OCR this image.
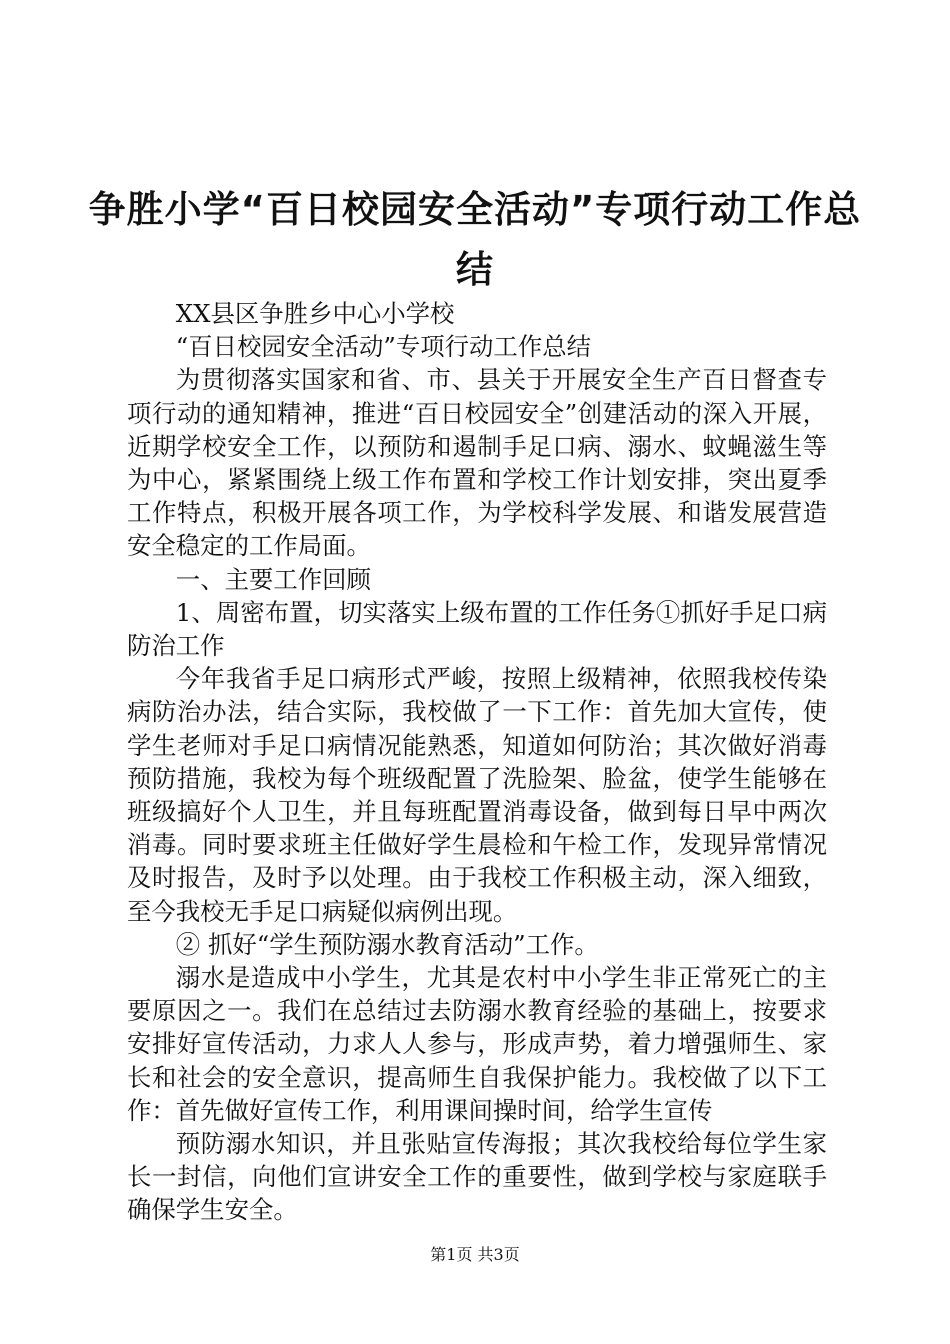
争胜小学“百日校园安全活动”专项行动工作总结

XX县区争胜乡中心小学校

“百日校园安全活动”专项行动工作总结

为贯彻落实国家和省、市、县关于开展安全生产百日督查专项行动的通知精神，推进“百日校园安全”创建活动的深入开展，近期学校安全工作，以预防和遏制手足口病、溺水、蚊蝇滋生等为中心，紧紧围绕上级工作布置和学校工作计划安排，突出夏季工作特点，积极开展各项工作，为学校科学发展、和谐发展营造安全稳定的工作局面。

一、主要工作回顾

1、周密布置，切实落实上级布置的工作任务①抓好手足口病防治工作

今年我省手足口病形式严峻，按照上级精神，依照我校传染病防治办法，结合实际，我校做了一下工作：首先加大宣传，使学生老师对手足口病情况能熟悉，知道如何防治；其次做好消毒预防措施，我校为每个班级配置了洗脸架、脸盆，使学生能够在班级搞好个人卫生，并且每班配置消毒设备，做到每日早中两次消毒。同时要求班主任做好学生晨检和午检工作，发现异常情况及时报告，及时予以处理。由于我校工作积极主动，深入细致，至今我校无手足口病疑似病例出现。

② 抓好“学生预防溺水教育活动”工作。

溺水是造成中小学生，尤其是农村中小学生非正常死亡的主要原因之一。我们在总结过去防溺水教育经验的基础上，按要求安排好宣传活动，力求人人参与，形成声势，着力增强师生、家长和社会的安全意识，提高师生自我保护能力。我校做了以下工作：首先做好宣传工作，利用课间操时间，给学生宣传

预防溺水知识，并且张贴宣传海报；其次我校给每位学生家长一封信，向他们宣讲安全工作的重要性，做到学校与家庭联手确保学生安全。

第1页 共3页
